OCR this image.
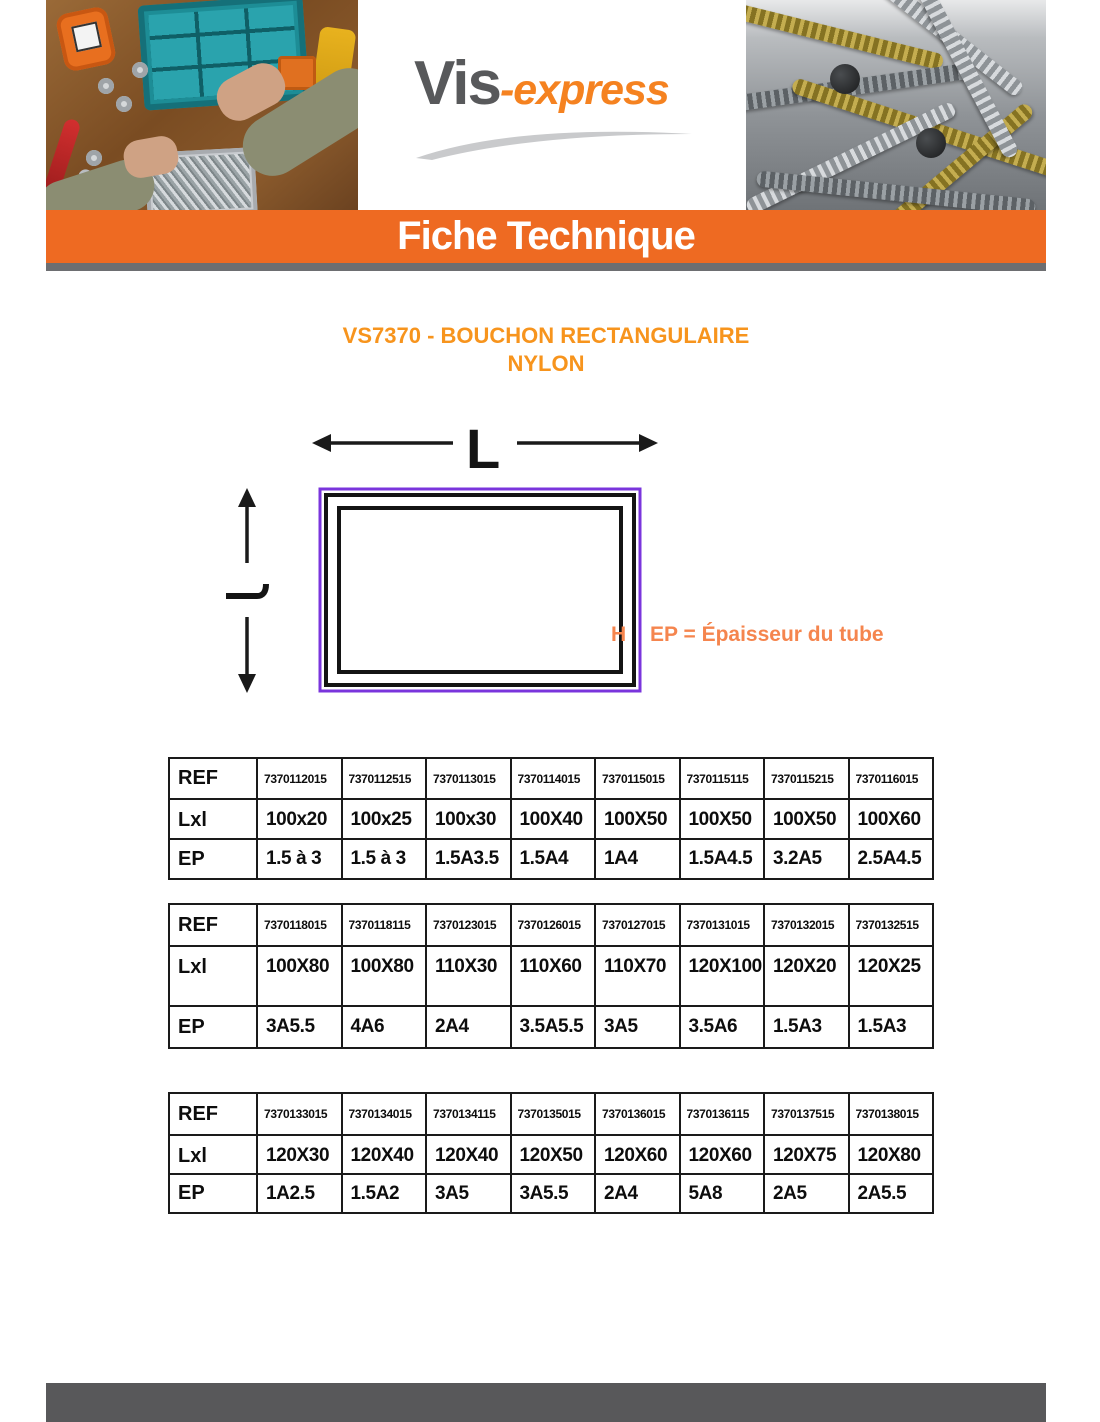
Vis-express
Fiche Technique
VS7370 - BOUCHON RECTANGULAIRE
NYLON
L
H EP = Épaisseur du tube
REF	7370112015	7370112515	7370113015	7370114015	7370115015	7370115115	7370115215	7370116015
Lxl	100x20	100x25	100x30	100X40	100X50	100X50	100X50	100X60
EP	1.5 à 3	1.5 à 3	1.5A3.5	1.5A4	1A4	1.5A4.5	3.2A5	2.5A4.5
REF	7370118015	7370118115	7370123015	7370126015	7370127015	7370131015	7370132015	7370132515
Lxl	100X80	100X80	110X30	110X60	110X70	120X100	120X20	120X25
EP	3A5.5	4A6	2A4	3.5A5.5	3A5	3.5A6	1.5A3	1.5A3
REF	7370133015	7370134015	7370134115	7370135015	7370136015	7370136115	7370137515	7370138015
Lxl	120X30	120X40	120X40	120X50	120X60	120X60	120X75	120X80
EP	1A2.5	1.5A2	3A5	3A5.5	2A4	5A8	2A5	2A5.5
